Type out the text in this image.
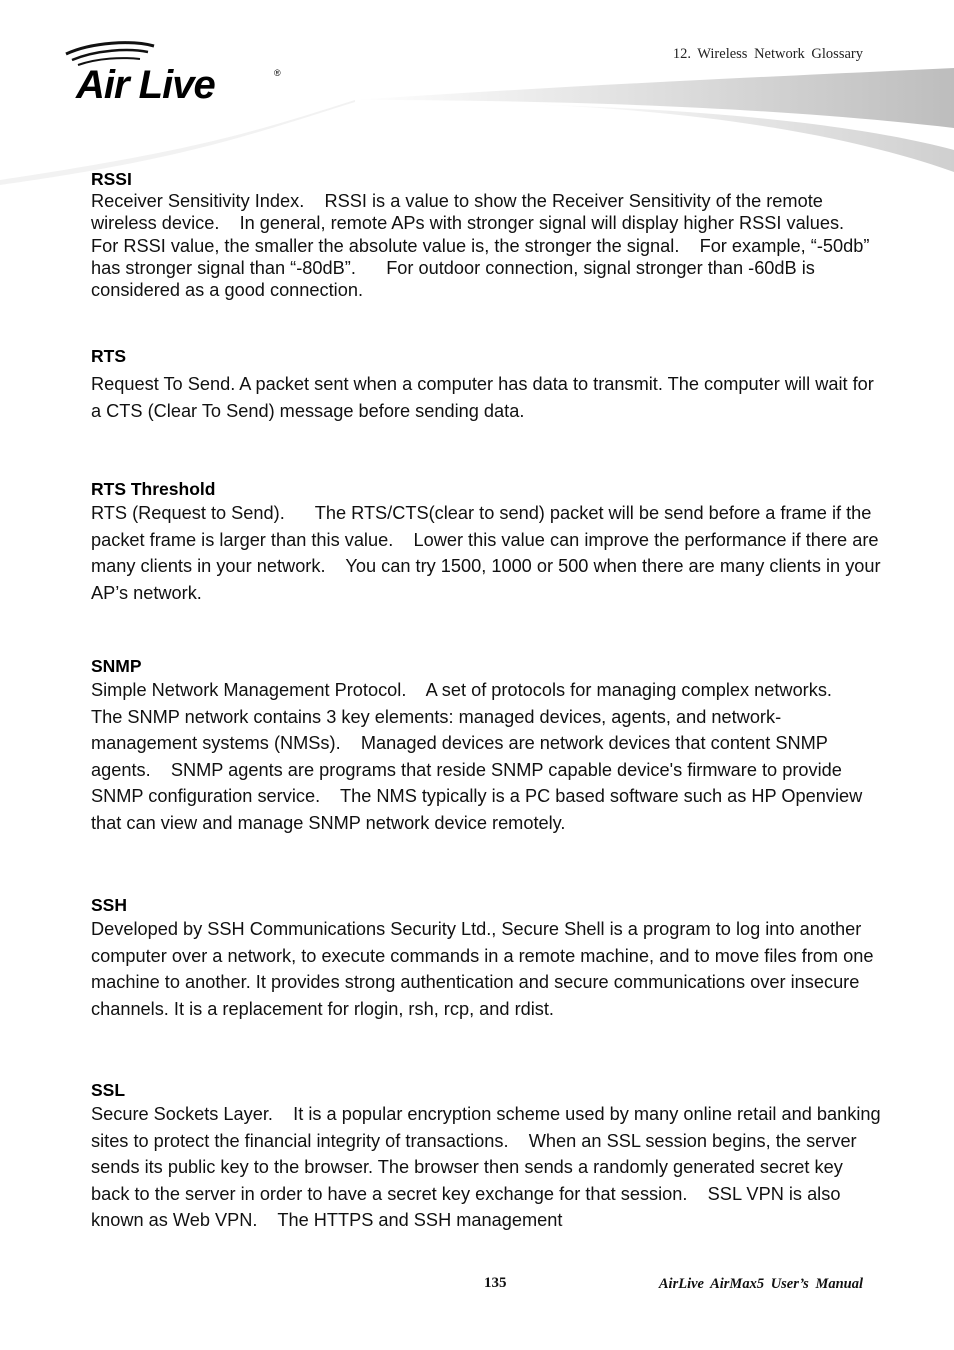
Air Live	®
12. Wireless Network Glossary

RSSI

Receiver Sensitivity Index.    RSSI is a value to show the Receiver Sensitivity of the remote wireless device.    In general, remote APs with stronger signal will display higher RSSI values.    For RSSI value, the smaller the absolute value is, the stronger the signal.    For example, “-50db” has stronger signal than “-80dB”.      For outdoor connection, signal stronger than -60dB is considered as a good connection.

RTS

Request To Send. A packet sent when a computer has data to transmit. The computer will wait for a CTS (Clear To Send) message before sending data.

RTS Threshold

RTS (Request to Send).      The RTS/CTS(clear to send) packet will be send before a frame if the packet frame is larger than this value.    Lower this value can improve the performance if there are many clients in your network.    You can try 1500, 1000 or 500 when there are many clients in your AP’s network.

SNMP

Simple Network Management Protocol.    A set of protocols for managing complex networks.      The SNMP network contains 3 key elements: managed devices, agents, and network-management systems (NMSs).    Managed devices are network devices that content SNMP agents.    SNMP agents are programs that reside SNMP capable device's firmware to provide SNMP configuration service.    The NMS typically is a PC based software such as HP Openview that can view and manage SNMP network device remotely.

SSH

Developed by SSH Communications Security Ltd., Secure Shell is a program to log into another computer over a network, to execute commands in a remote machine, and to move files from one machine to another. It provides strong authentication and secure communications over insecure channels. It is a replacement for rlogin, rsh, rcp, and rdist.

SSL

Secure Sockets Layer.    It is a popular encryption scheme used by many online retail and banking sites to protect the financial integrity of transactions.    When an SSL session begins, the server sends its public key to the browser. The browser then sends a randomly generated secret key back to the server in order to have a secret key exchange for that session.    SSL VPN is also known as Web VPN.    The HTTPS and SSH management

135	AirLive AirMax5 User’s Manual
